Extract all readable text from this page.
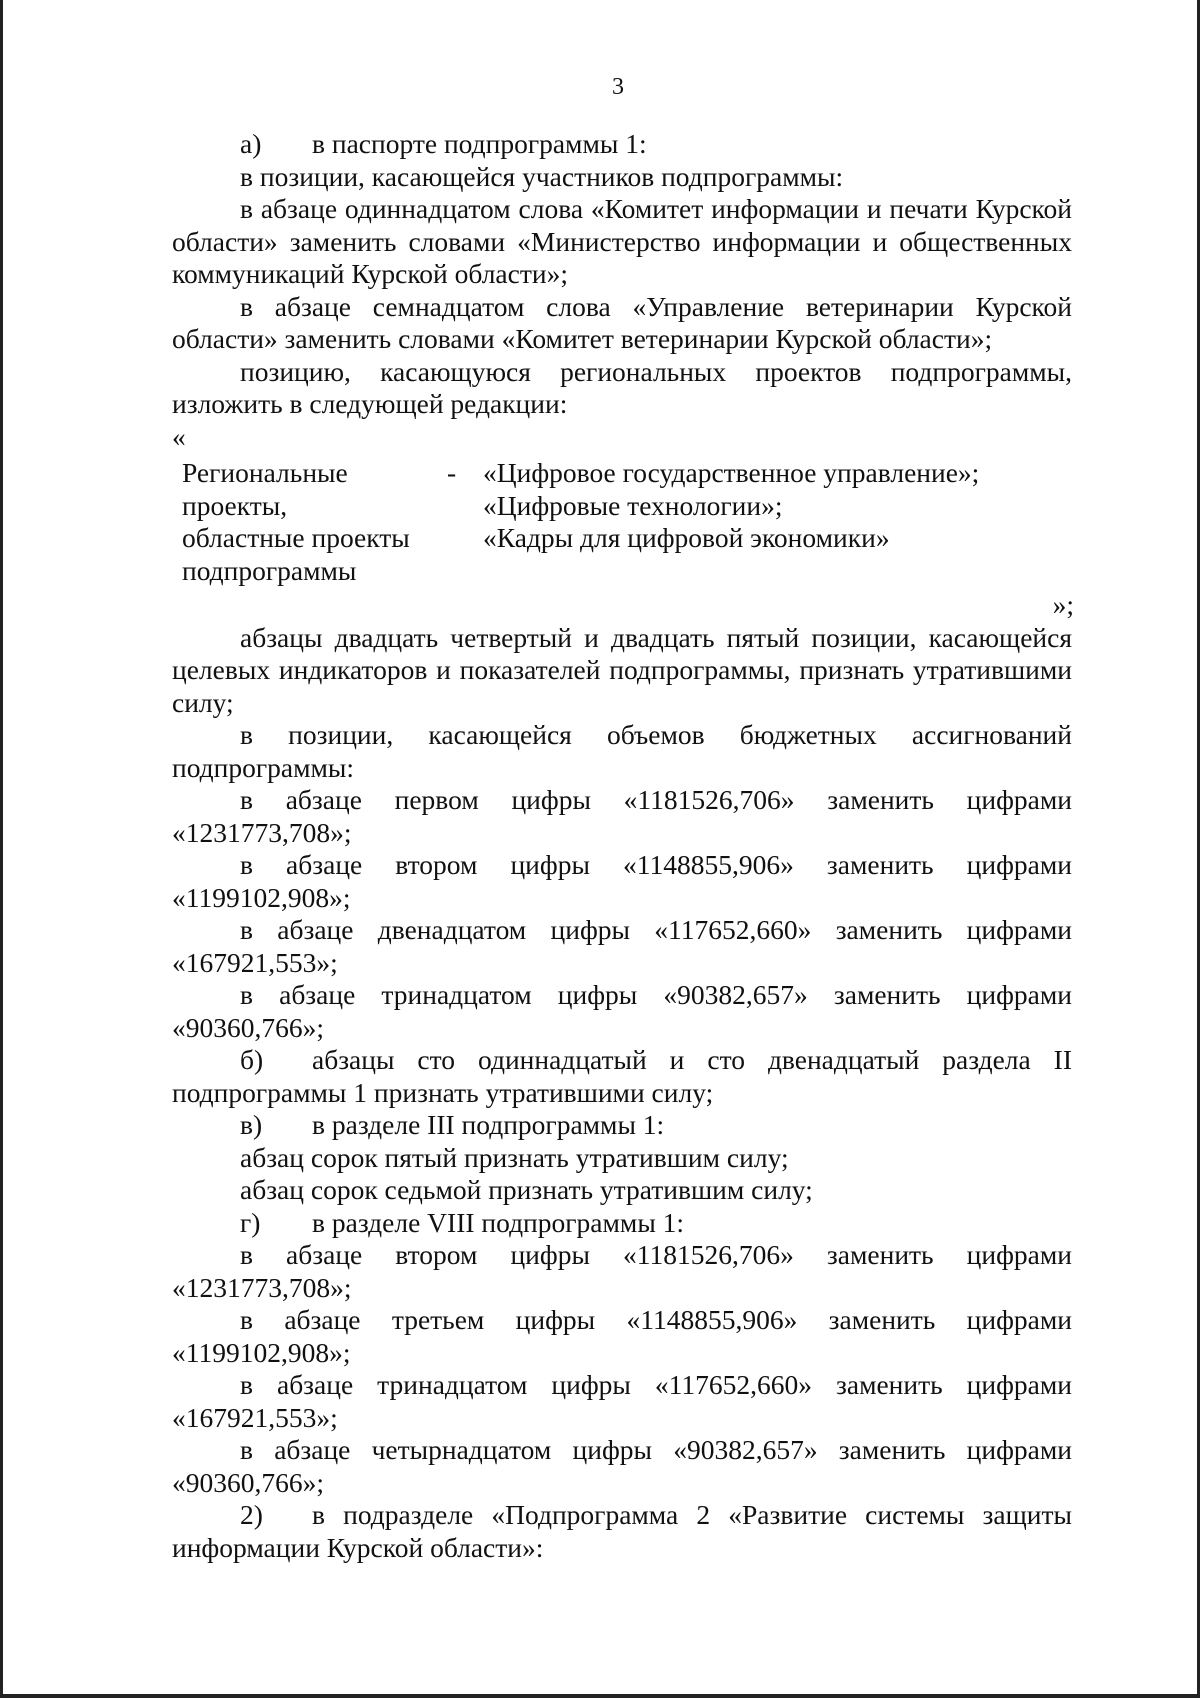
3

а) в паспорте подпрограммы 1:

в позиции, касающейся участников подпрограммы:

в абзаце одиннадцатом слова «Комитет информации и печати Курской области» заменить словами «Министерство информации и общественных коммуникаций Курской области»;

в абзаце семнадцатом слова «Управление ветеринарии Курской области» заменить словами «Комитет ветеринарии Курской области»;

позицию, касающуюся региональных проектов подпрограммы, изложить в следующей редакции:

«

Региональные
проекты,
областные проекты
подпрограммы
- «Цифровое государственное управление»;
«Цифровые технологии»;
«Кадры для цифровой экономики»
»;

абзацы двадцать четвертый и двадцать пятый позиции, касающейся целевых индикаторов и показателей подпрограммы, признать утратившими силу;

в позиции, касающейся объемов бюджетных ассигнований подпрограммы:

в абзаце первом цифры «1181526,706» заменить цифрами «1231773,708»;

в абзаце втором цифры «1148855,906» заменить цифрами «1199102,908»;

в абзаце двенадцатом цифры «117652,660» заменить цифрами «167921,553»;

в абзаце тринадцатом цифры «90382,657» заменить цифрами «90360,766»;

б) абзацы сто одиннадцатый и сто двенадцатый раздела II подпрограммы 1 признать утратившими силу;

в) в разделе III подпрограммы 1:

абзац сорок пятый признать утратившим силу;

абзац сорок седьмой признать утратившим силу;

г) в разделе VIII подпрограммы 1:

в абзаце втором цифры «1181526,706» заменить цифрами «1231773,708»;

в абзаце третьем цифры «1148855,906» заменить цифрами «1199102,908»;

в абзаце тринадцатом цифры «117652,660» заменить цифрами «167921,553»;

в абзаце четырнадцатом цифры «90382,657» заменить цифрами «90360,766»;

2) в подразделе «Подпрограмма 2 «Развитие системы защиты информации Курской области»:
